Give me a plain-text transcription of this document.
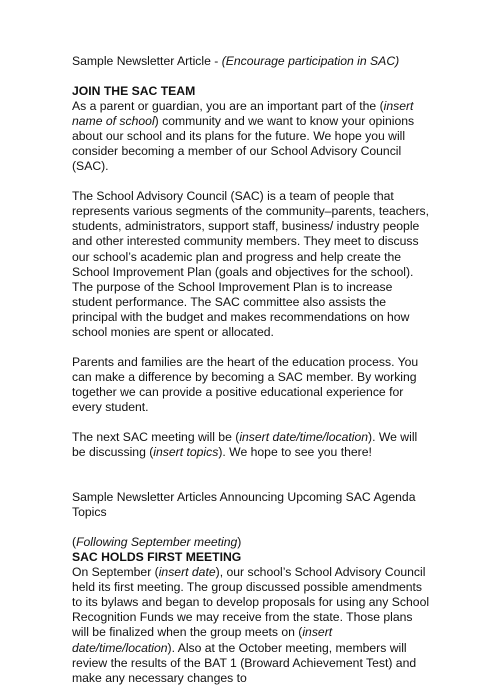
Sample Newsletter Article - (Encourage participation in SAC)

JOIN THE SAC TEAM

As a parent or guardian, you are an important part of the (insert name of school) community and we want to know your opinions about our school and its plans for the future. We hope you will consider becoming a member of our School Advisory Council (SAC).

The School Advisory Council (SAC) is a team of people that represents various segments of the community–parents, teachers, students, administrators, support staff, business/ industry people and other interested community members. They meet to discuss our school’s academic plan and progress and help create the School Improvement Plan (goals and objectives for the school). The purpose of the School Improvement Plan is to increase student performance. The SAC committee also assists the principal with the budget and makes recommendations on how school monies are spent or allocated.

Parents and families are the heart of the education process. You can make a difference by becoming a SAC member. By working together we can provide a positive educational experience for every student.

The next SAC meeting will be (insert date/time/location). We will be discussing (insert topics). We hope to see you there!

Sample Newsletter Articles Announcing Upcoming SAC Agenda Topics

(Following September meeting)

SAC HOLDS FIRST MEETING

On September (insert date), our school’s School Advisory Council held its first meeting. The group discussed possible amendments to its bylaws and began to develop proposals for using any School Recognition Funds we may receive from the state. Those plans will be finalized when the group meets on (insert date/time/location). Also at the October meeting, members will review the results of the BAT 1 (Broward Achievement Test) and make any necessary changes to
